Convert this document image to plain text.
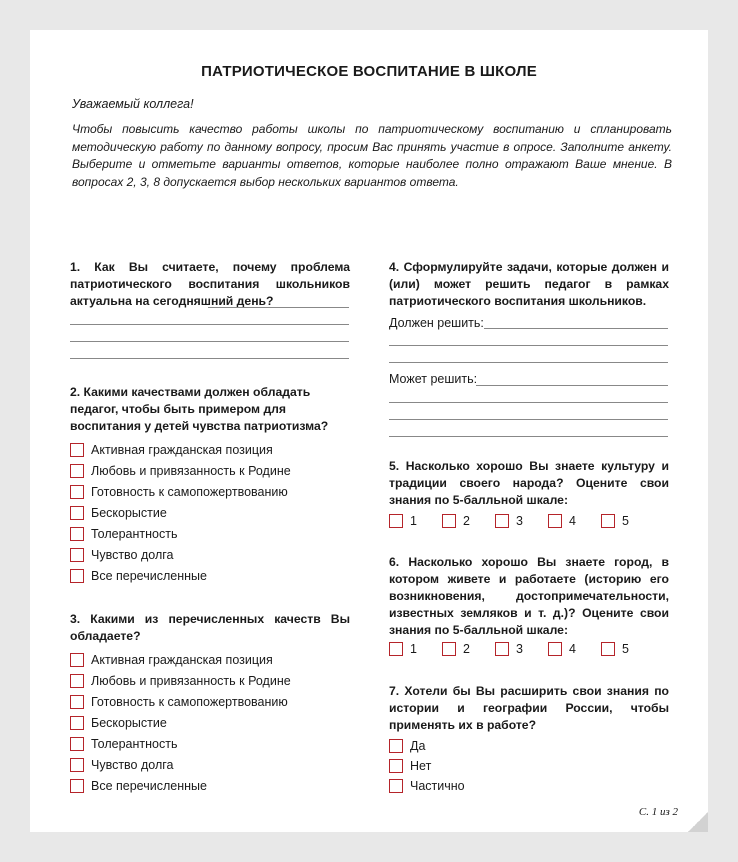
ПАТРИОТИЧЕСКОЕ ВОСПИТАНИЕ В ШКОЛЕ
Уважаемый коллега!
Чтобы повысить качество работы школы по патриотическому воспитанию и спланировать методическую работу по данному вопросу, просим Вас принять участие в опросе. Заполните анкету. Выберите и отметьте варианты ответов, которые наиболее полно отражают Ваше мнение. В вопросах 2, 3, 8 допускается выбор нескольких вариантов ответа.
1. Как Вы считаете, почему проблема патриотического воспитания школьников актуальна на сегодняшний день?
2. Какими качествами должен обладать педагог, чтобы быть примером для воспитания у детей чувства патриотизма?
Активная гражданская позиция
Любовь и привязанность к Родине
Готовность к самопожертвованию
Бескорыстие
Толерантность
Чувство долга
Все перечисленные
3. Какими из перечисленных качеств Вы обладаете?
Активная гражданская позиция
Любовь и привязанность к Родине
Готовность к самопожертвованию
Бескорыстие
Толерантность
Чувство долга
Все перечисленные
4. Сформулируйте задачи, которые должен и (или) может решить педагог в рамках патриотического воспитания школьников.
Должен решить:
Может решить:
5. Насколько хорошо Вы знаете культуру и традиции своего народа? Оцените свои знания по 5-балльной шкале:
1	2	3	4	5
6. Насколько хорошо Вы знаете город, в котором живете и работаете (историю его возникновения, достопримечательности, известных земляков и т. д.)? Оцените свои знания по 5-балльной шкале:
1	2	3	4	5
7. Хотели бы Вы расширить свои знания по истории и географии России, чтобы применять их в работе?
Да
Нет
Частично
С. 1 из 2
